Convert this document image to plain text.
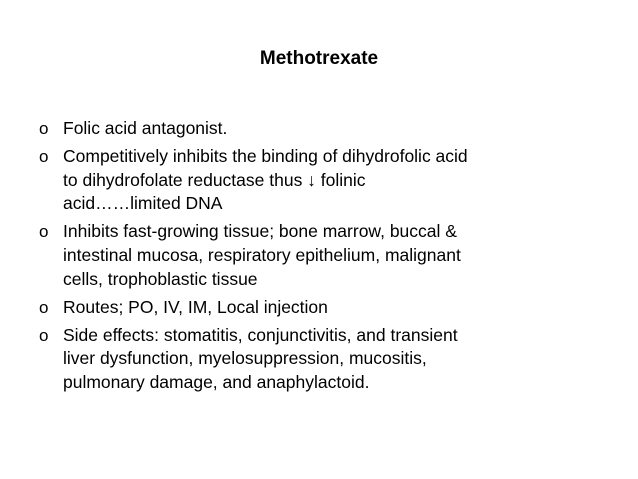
Methotrexate
o Folic acid antagonist.
o Competitively inhibits the binding of dihydrofolic acid
to dihydrofolate reductase thus ↓ folinic
acid……limited DNA
o Inhibits fast-growing tissue; bone marrow, buccal &
intestinal mucosa, respiratory epithelium, malignant
cells, trophoblastic tissue
o Routes; PO, IV, IM, Local injection
o Side effects: stomatitis, conjunctivitis, and transient
liver dysfunction, myelosuppression, mucositis,
pulmonary damage, and anaphylactoid.
